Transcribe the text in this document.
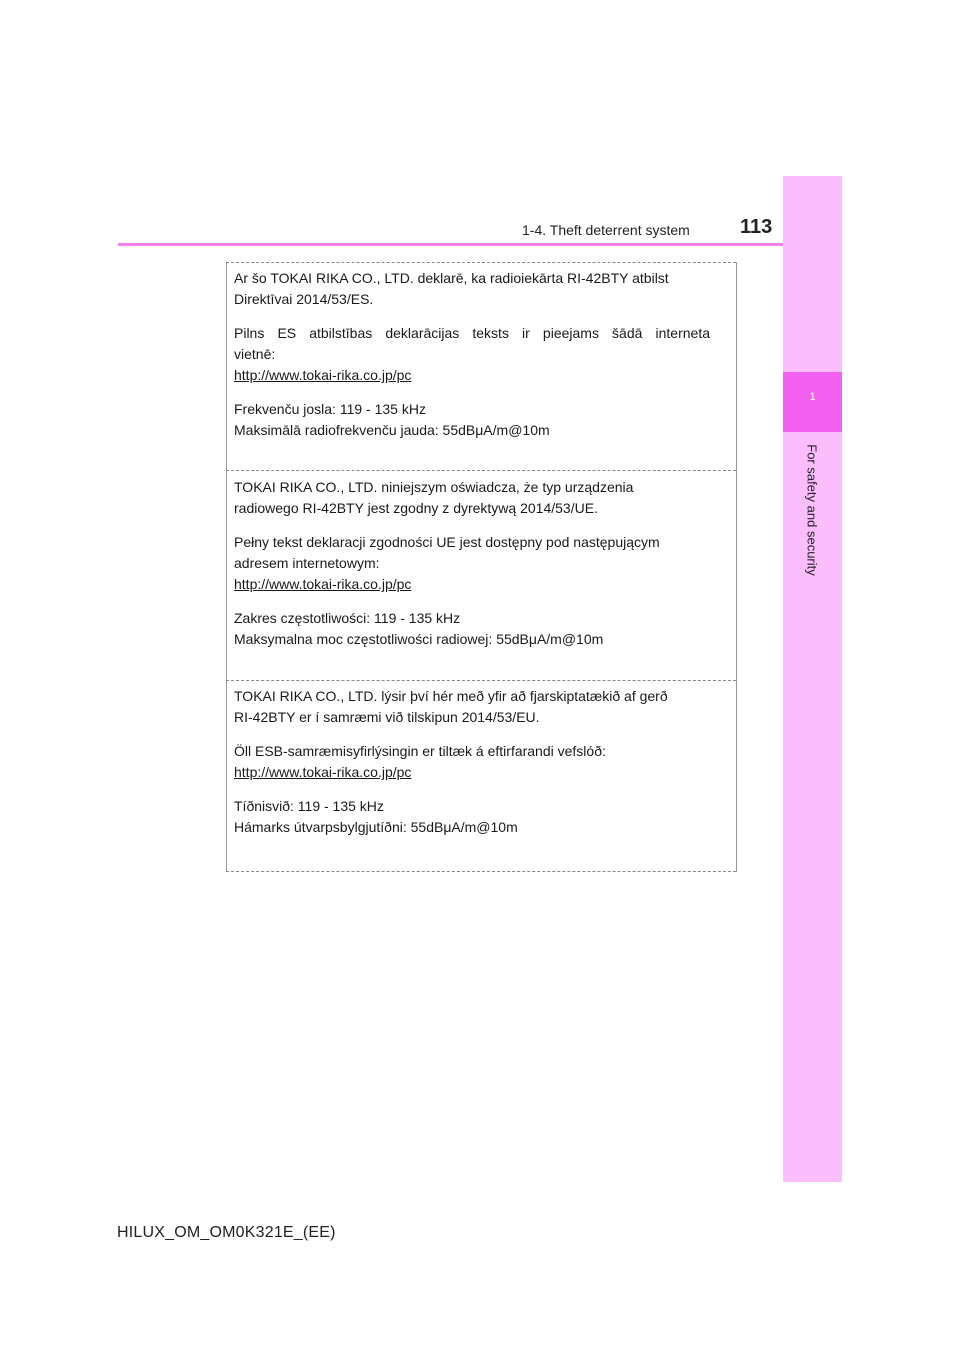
1
For safety and security
1-4. Theft deterrent system	113

Ar šo TOKAI RIKA CO., LTD. deklarē, ka radioiekārta RI-42BTY atbilst

Direktīvai 2014/53/ES.

Pilns ES atbilstības deklarācijas teksts ir pieejams šādā interneta

vietnē:

http://www.tokai-rika.co.jp/pc

Frekvenču josla: 119 - 135 kHz

Maksimālā radiofrekvenču jauda: 55dBμA/m@10m

TOKAI RIKA CO., LTD. niniejszym oświadcza, że typ urządzenia

radiowego RI-42BTY jest zgodny z dyrektywą 2014/53/UE.

Pełny tekst deklaracji zgodności UE jest dostępny pod następującym

adresem internetowym:

http://www.tokai-rika.co.jp/pc

Zakres częstotliwości: 119 - 135 kHz

Maksymalna moc częstotliwości radiowej: 55dBμA/m@10m

TOKAI RIKA CO., LTD. lýsir því hér með yfir að fjarskiptatækið af gerð

RI-42BTY er í samræmi við tilskipun 2014/53/EU.

Öll ESB-samræmisyfirlýsingin er tiltæk á eftirfarandi vefslóð:

http://www.tokai-rika.co.jp/pc

Tíðnisvið: 119 - 135 kHz

Hámarks útvarpsbylgjutíðni: 55dBμA/m@10m

HILUX_OM_OM0K321E_(EE)
